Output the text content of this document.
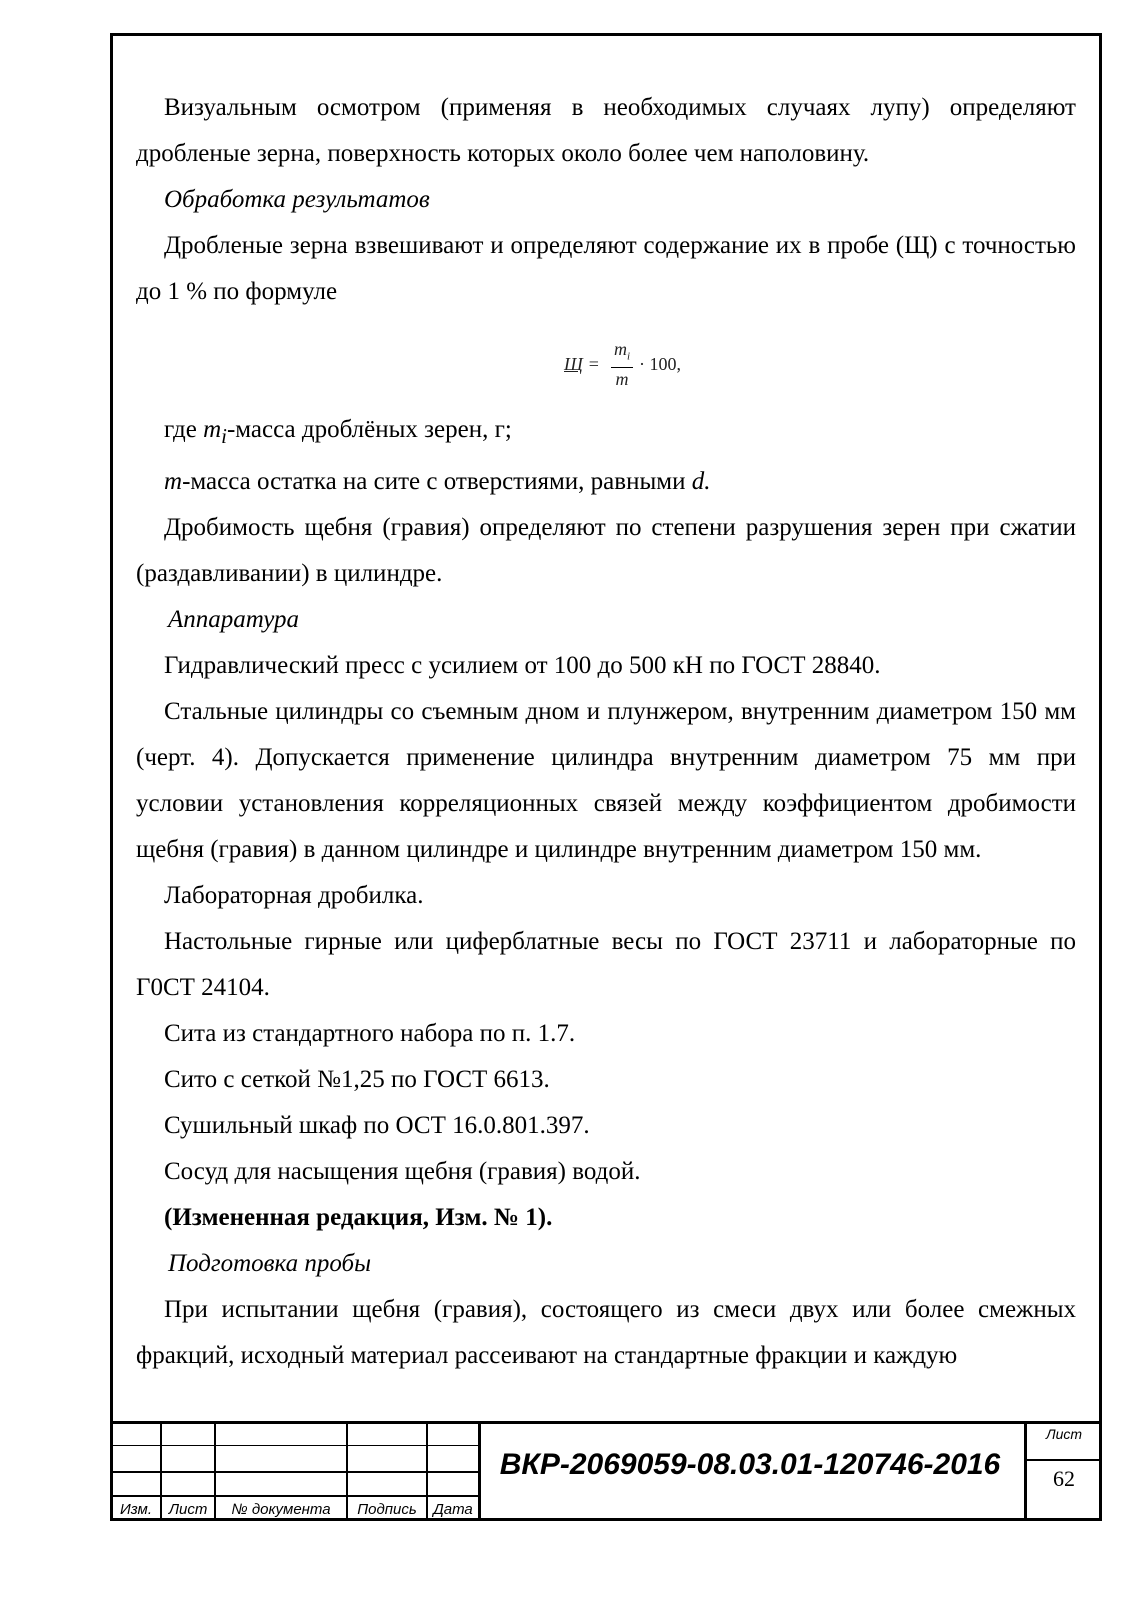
Визуальным осмотром (применяя в необходимых случаях лупу) определяют дробленые зерна, поверхность которых около более чем наполовину.

Обработка результатов

Дробленые зерна взвешивают и определяют содержание их в пробе (Щ) с точностью до 1 % по формуле

где $m_i$-масса дроблёных зерен, г;

m-масса остатка на сите с отверстиями, равными d.

Дробимость щебня (гравия) определяют по степени разрушения зерен при сжатии (раздавливании) в цилиндре.

Аппаратура

Гидравлический пресс с усилием от 100 до 500 кН по ГОСТ 28840.

Стальные цилиндры со съемным дном и плунжером, внутренним диаметром 150 мм (черт. 4). Допускается применение цилиндра внутренним диаметром 75 мм при условии установления корреляционных связей между коэффициентом дробимости щебня (гравия) в данном цилиндре и цилиндре внутренним диаметром 150 мм.

Лабораторная дробилка.

Настольные гирные или циферблатные весы по ГОСТ 23711 и лабораторные по Г0СТ 24104.

Сита из стандартного набора по п. 1.7.

Сито с сеткой №1,25 по ГОСТ 6613.

Сушильный шкаф по ОСТ 16.0.801.397.

Сосуд для насыщения щебня (гравия) водой.

(Измененная редакция, Изм. № 1).

Подготовка пробы

При испытании щебня (гравия), состоящего из смеси двух или более смежных фракций, исходный материал рассеивают на стандартные фракции и каждую

$Щ = \frac{m_i}{m} \cdot 100$,
Изм.	Лист	№ документа	Подпись	Дата
ВКР-2069059-08.03.01-120746-2016
Лист
62
